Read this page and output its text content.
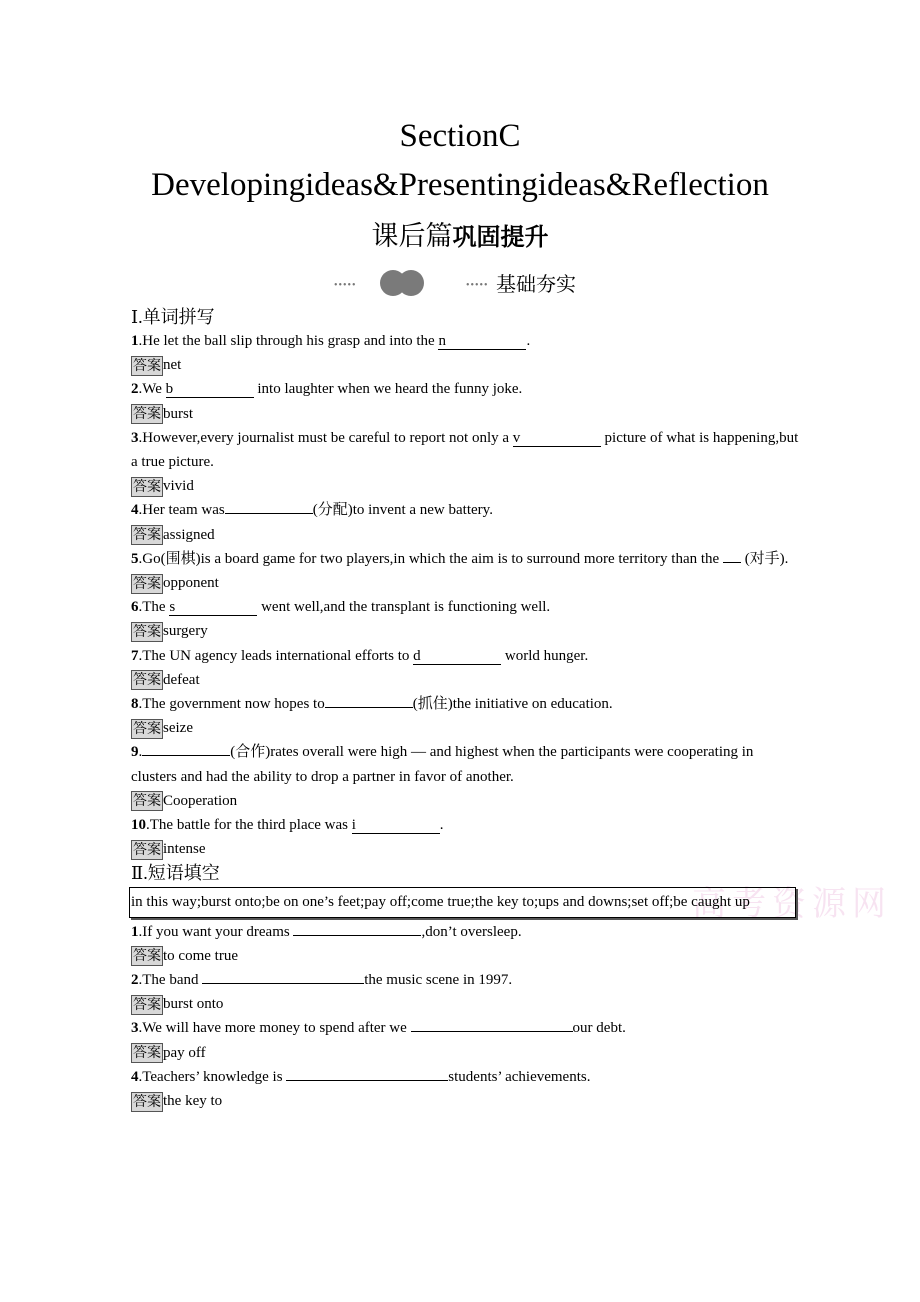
SectionC
Developingideas&Presentingideas&Reflection
课后篇巩固提升
•••••	••••• 基础夯实
高考资源网
Ⅰ.单词拼写
1.He let the ball slip through his grasp and into the n	.
答案 net
2.We b	into laughter when we heard the funny joke.
答案 burst
3.However,every journalist must be careful to report not only a v	picture of what is happening,but a true picture.
答案 vivid
4.Her team was	(分配)to invent a new battery.
答案 assigned
5.Go(围棋)is a board game for two players,in which the aim is to surround more territory than the  (对手).
答案 opponent
6.The s	went well,and the transplant is functioning well.
答案 surgery
7.The UN agency leads international efforts to d	world hunger.
答案 defeat
8.The government now hopes to	(抓住)the initiative on education.
答案 seize
9.	(合作)rates overall were high — and highest when the participants were cooperating in clusters and had the ability to drop a partner in favor of another.
答案 Cooperation
10.The battle for the third place was i	.
答案 intense
Ⅱ.短语填空
in this way;burst onto;be on one’s feet;pay off;come true;the key to;ups and downs;set off;be caught up
1.If you want your dreams	,don’t oversleep.
答案 to come true
2.The band	the music scene in 1997.
答案 burst onto
3.We will have more money to spend after we	our debt.
答案 pay off
4.Teachers’ knowledge is	students’ achievements.
答案 the key to
